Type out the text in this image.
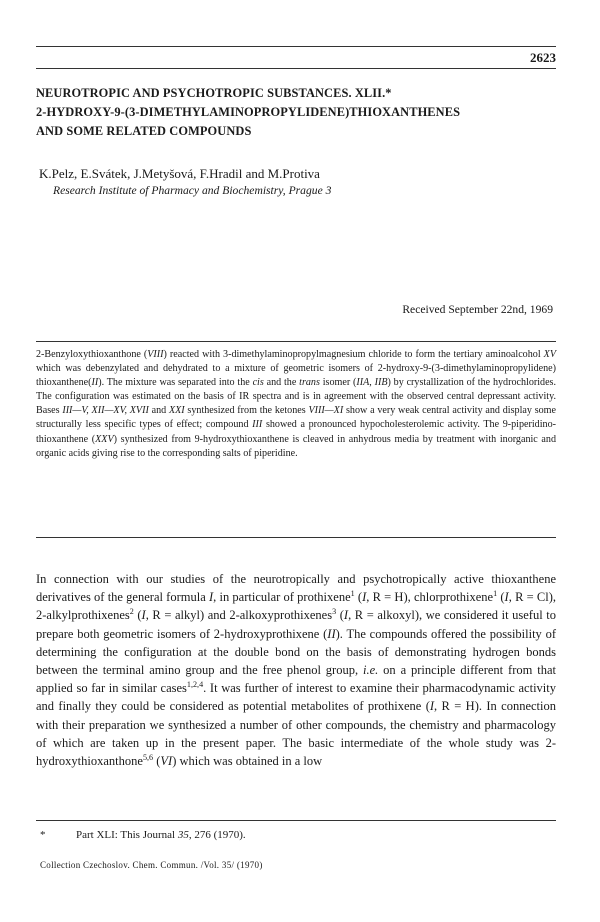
2623
NEUROTROPIC AND PSYCHOTROPIC SUBSTANCES. XLII.*
2-HYDROXY-9-(3-DIMETHYLAMINOPROPYLIDENE)THIOXANTHENES
AND SOME RELATED COMPOUNDS
K.Pelz, E.Svátek, J.Metyšová, F.Hradil and M.Protiva
Research Institute of Pharmacy and Biochemistry, Prague 3
Received September 22nd, 1969

2-Benzyloxythioxanthone (VIII) reacted with 3-dimethylaminopropylmagnesium chloride to form the tertiary aminoalcohol XV which was debenzylated and dehydrated to a mixture of geometric isomers of 2-hydroxy-9-(3-dimethylaminopropylidene) thioxanthene(II). The mixture was separated into the cis and the trans isomer (IIA, IIB) by crystallization of the hydrochlorides. The configuration was estimated on the basis of IR spectra and is in agreement with the observed central depressant activity. Bases III—V, XII—XV, XVII and XXI synthesized from the ketones VIII—XI show a very weak central activity and display some structurally less specific types of effect; compound III showed a pronounced hypocholesterolemic activity. The 9-piperidino-thioxanthene (XXV) synthesized from 9-hydroxythioxanthene is cleaved in anhydrous media by treatment with inorganic and organic acids giving rise to the corresponding salts of piperidine.

In connection with our studies of the neurotropically and psychotropically active thioxanthene derivatives of the general formula I, in particular of prothixene$^1$ (I, R = H), chlorprothixene$^1$ (I, R = Cl), 2-alkylprothixenes$^2$ (I, R = alkyl) and 2-alkoxyprothixenes$^3$ (I, R = alkoxyl), we considered it useful to prepare both geometric isomers of 2-hydroxyprothixene (II). The compounds offered the possibility of determining the configuration at the double bond on the basis of demonstrating hydrogen bonds between the terminal amino group and the free phenol group, i.e. on a principle different from that applied so far in similar cases$^{1,2,4}$. It was further of interest to examine their pharmacodynamic activity and finally they could be considered as potential metabolites of prothixene (I, R = H). In connection with their preparation we synthesized a number of other compounds, the chemistry and pharmacology of which are taken up in the present paper. The basic intermediate of the whole study was 2-hydroxythioxanthone$^{5,6}$ (VI) which was obtained in a low

*	Part XLI: This Journal 35, 276 (1970).
Collection Czechoslov. Chem. Commun. /Vol. 35/ (1970)
